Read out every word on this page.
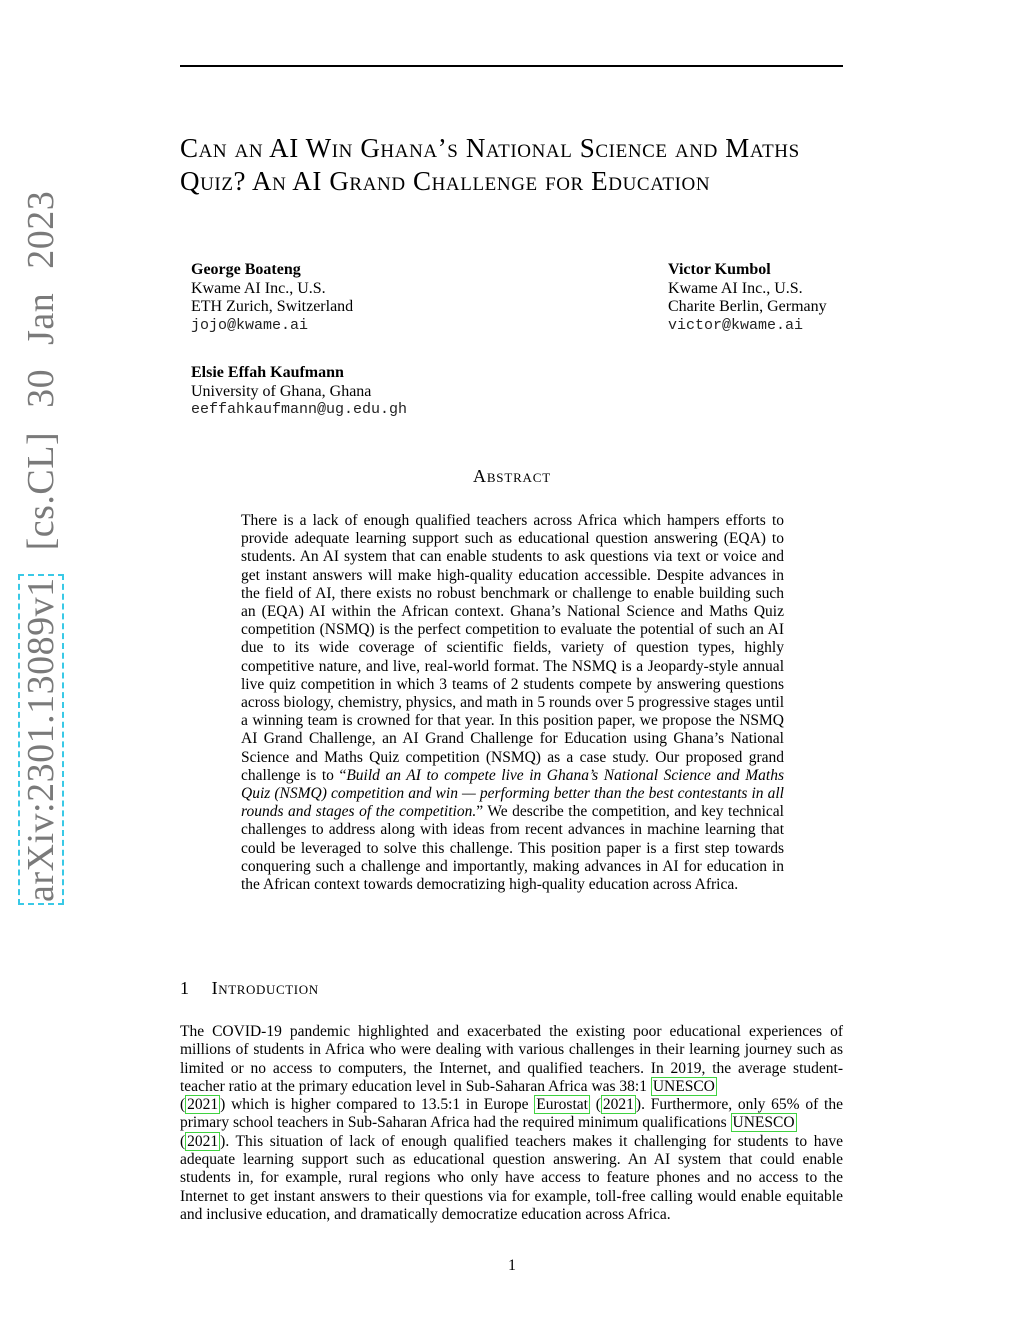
arXiv:2301.13089v1 [cs.CL] 30 Jan 2023
Can an AI Win Ghana’s National Science and Maths Quiz? An AI Grand Challenge for Education
George Boateng
Kwame AI Inc., U.S.
ETH Zurich, Switzerland
jojo@kwame.ai
Victor Kumbol
Kwame AI Inc., U.S.
Charite Berlin, Germany
victor@kwame.ai
Elsie Effah Kaufmann
University of Ghana, Ghana
eeffahkaufmann@ug.edu.gh
Abstract
There is a lack of enough qualified teachers across Africa which hampers efforts to provide adequate learning support such as educational question answering (EQA) to students. An AI system that can enable students to ask questions via text or voice and get instant answers will make high-quality education accessible. Despite advances in the field of AI, there exists no robust benchmark or challenge to enable building such an (EQA) AI within the African context. Ghana’s National Science and Maths Quiz competition (NSMQ) is the perfect competition to evaluate the potential of such an AI due to its wide coverage of scientific fields, variety of question types, highly competitive nature, and live, real-world format. The NSMQ is a Jeopardy-style annual live quiz competition in which 3 teams of 2 students compete by answering questions across biology, chemistry, physics, and math in 5 rounds over 5 progressive stages until a winning team is crowned for that year. In this position paper, we propose the NSMQ AI Grand Challenge, an AI Grand Challenge for Education using Ghana’s National Science and Maths Quiz competition (NSMQ) as a case study. Our proposed grand challenge is to “Build an AI to compete live in Ghana’s National Science and Maths Quiz (NSMQ) competition and win — performing better than the best contestants in all rounds and stages of the competition.” We describe the competition, and key technical challenges to address along with ideas from recent advances in machine learning that could be leveraged to solve this challenge. This position paper is a first step towards conquering such a challenge and importantly, making advances in AI for education in the African context towards democratizing high-quality education across Africa.
1 Introduction
The COVID-19 pandemic highlighted and exacerbated the existing poor educational experiences of millions of students in Africa who were dealing with various challenges in their learning journey such as limited or no access to computers, the Internet, and qualified teachers. In 2019, the average student-teacher ratio at the primary education level in Sub-Saharan Africa was 38:1 UNESCO
( 2021 ) which is higher compared to 13.5:1 in Europe Eurostat ( 2021 ). Furthermore, only 65% of the primary school teachers in Sub-Saharan Africa had the required minimum qualifications UNESCO
( 2021 ). This situation of lack of enough qualified teachers makes it challenging for students to have adequate learning support such as educational question answering. An AI system that could enable students in, for example, rural regions who only have access to feature phones and no access to the Internet to get instant answers to their questions via for example, toll-free calling would enable equitable and inclusive education, and dramatically democratize education across Africa.
1
